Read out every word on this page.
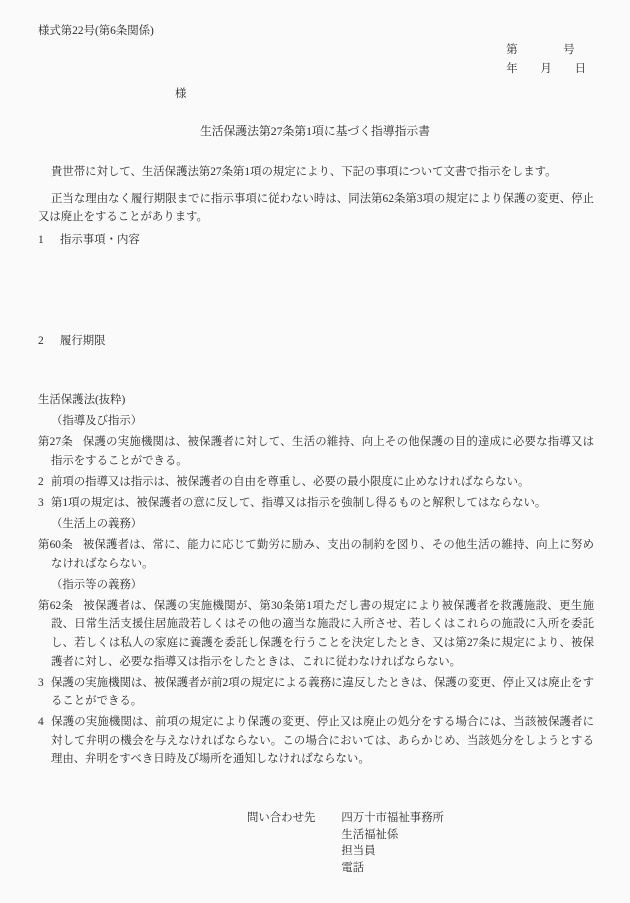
様式第22号(第6条関係)
第　　　　号
年　　月　　日
様
生活保護法第27条第1項に基づく指導指示書

貴世帯に対して、生活保護法第27条第1項の規定により、下記の事項について文書で指示をします。

正当な理由なく履行期限までに指示事項に従わない時は、同法第62条第3項の規定により保護の変更、停止又は廃止をすることがあります。

1 指示事項・内容
2 履行期限

生活保護法(抜粋)

（指導及び指示）

第27条 保護の実施機関は、被保護者に対して、生活の維持、向上その他保護の目的達成に必要な指導又は指示をすることができる。

2 前項の指導又は指示は、被保護者の自由を尊重し、必要の最小限度に止めなければならない。

3 第1項の規定は、被保護者の意に反して、指導又は指示を強制し得るものと解釈してはならない。

（生活上の義務）

第60条 被保護者は、常に、能力に応じて勤労に励み、支出の制約を図り、その他生活の維持、向上に努めなければならない。

（指示等の義務）

第62条 被保護者は、保護の実施機関が、第30条第1項ただし書の規定により被保護者を救護施設、更生施設、日常生活支援住居施設若しくはその他の適当な施設に入所させ、若しくはこれらの施設に入所を委託し、若しくは私人の家庭に養護を委託し保護を行うことを決定したとき、又は第27条に規定により、被保護者に対し、必要な指導又は指示をしたときは、これに従わなければならない。

3 保護の実施機関は、被保護者が前2項の規定による義務に違反したときは、保護の変更、停止又は廃止をすることができる。

4 保護の実施機関は、前項の規定により保護の変更、停止又は廃止の処分をする場合には、当該被保護者に対して弁明の機会を与えなければならない。この場合においては、あらかじめ、当該処分をしようとする理由、弁明をすべき日時及び場所を通知しなければならない。

問い合わせ先 四万十市福祉事務所
生活福祉係
担当員
電話
